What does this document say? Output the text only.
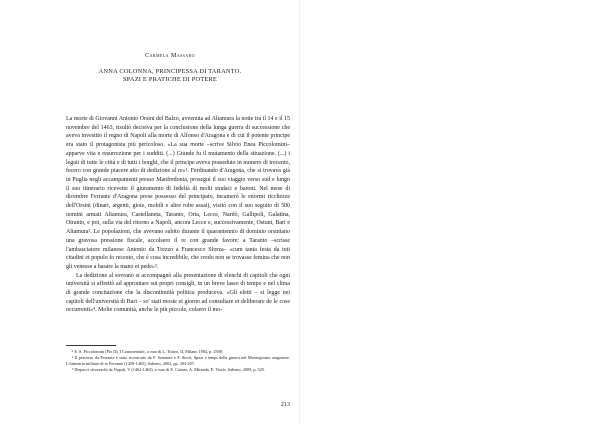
Carmela Massaro
ANNA COLONNA, PRINCIPESSA DI TARANTO.
SPAZI E PRATICHE DI POTERE

La morte di Giovanni Antonio Orsini del Balzo, avvenuta ad Altamura la notte tra il 14 e il 15 novembre del 1463, risultò decisiva per la conclusione della lunga guerra di successione che aveva investito il regno di Napoli alla morte di Alfonso d'Aragona e di cui il potente principe era stato il protagonista più pericoloso. «La sua morte –scrive Silvio Enea Piccolomini– apparve vita e resurrezione per i sudditi. (...) Grande fu il mutamento della situazione. (...) i legati di tutte le città e di tutti i borghi, che il principe aveva posseduto in numero di trecento, fecero con grande piacere atto di dedizione al re»¹. Ferdinando d'Aragona, che si trovava già in Puglia negli accampamenti presso Manfredonia, proseguì il suo viaggio verso sud e lungo il suo itinerario ricevette il giuramento di fedeltà di molti sindaci e baroni. Nel mese di dicembre Ferrante d'Aragona prese possesso del principato, incamerò le enormi ricchezze dell'Orsini (dinari, argenti, gioie, mobili e altre robe assai), visitò con il suo seguito di 500 uomini armati Altamura, Castellaneta, Taranto, Oria, Lecce, Nardò, Gallipoli, Galatina, Otranto, e poi, sulla via del ritorno a Napoli, ancora Lecce e, successivamente, Ostuni, Bari e Altamura². Le popolazioni, che avevano subito durante il quarantennio di dominio orsiniano una gravosa pressione fiscale, accolsero il re con grande favore: a Taranto –scrisse l'ambasciatore milanese Antonio da Trezzo a Francesco Sforza– «cum tanta festa da tuti citadini et populo fo receuto, che è cosa incredibile, che credo non se trovasse femina che non gli venesse a basare la mano et pede»³.

La dedizione al sovrano si accompagnò alla presentazione di elenchi di capitoli che ogni università si affrettò ad approntare sui propri consigli, in un breve lasso di tempo e nel clima di grande concitazione che la discontinuità politica produceva. «Gli eletti – si legge nei capitoli dell'università di Bari – so' stati moste et giorno ad consultare et deliberare de le cose occurrenti»⁴. Molte comunità, anche le più piccole, colsero il mo-

¹ E. S. Piccolomini (Pio II), I Commentarii, a cura di L. Totaro, II, Milano 1984, p. 2508.

² Il percorso da Ferrante è stato ricostruito da F. Senatore e F. Storti, Spazi e tempi della guerra nel Mezzogiorno aragonese. L'itinerario militare di re Ferrante (1458-1465), Salerno, 2002, pp. 204-207.

³ Dispacci sforzeschi da Napoli, V (1462-1463), a cura di E. Catone, A. Miranda, E. Vitale, Salerno, 2009, p. 525.

213
